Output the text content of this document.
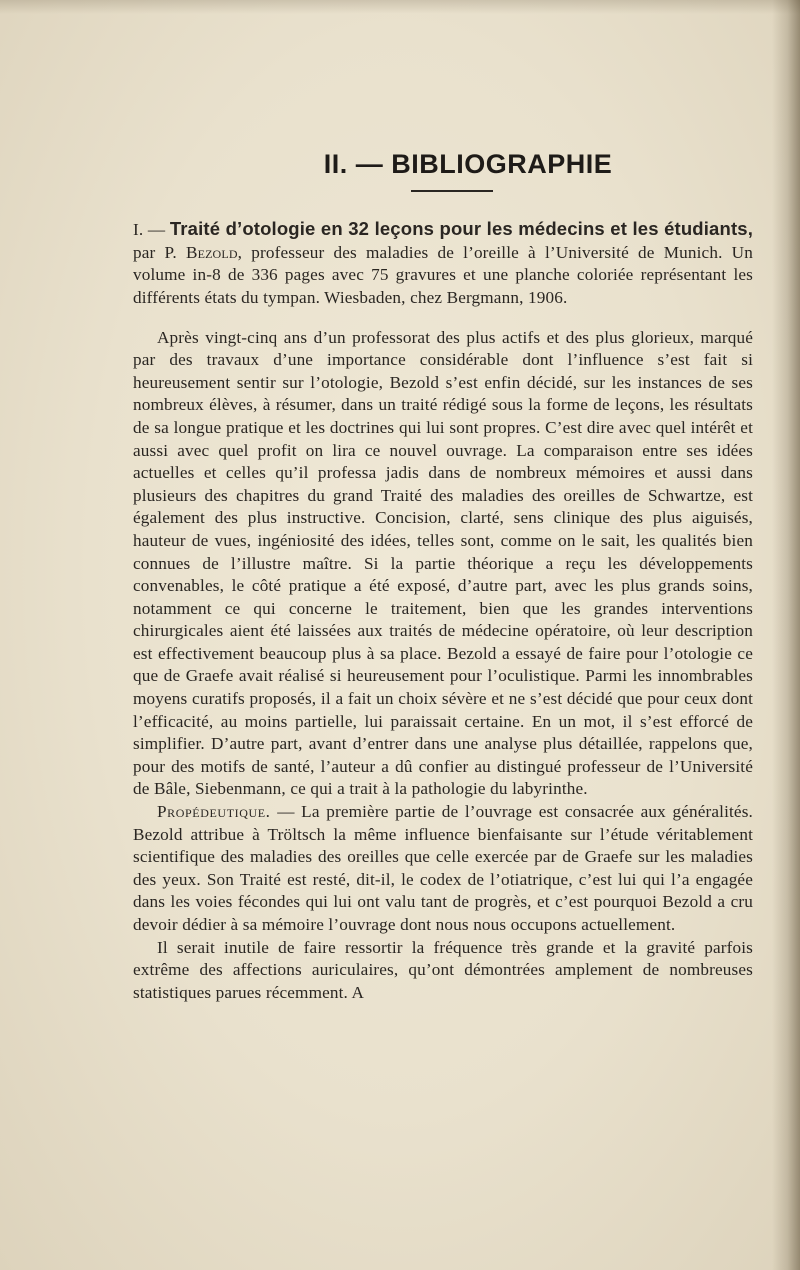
II. — BIBLIOGRAPHIE

I. — Traité d’otologie en 32 leçons pour les médecins et les étudiants, par P. Bezold, professeur des maladies de l’oreille à l’Université de Munich. Un volume in-8 de 336 pages avec 75 gravures et une planche coloriée représentant les différents états du tympan. Wiesbaden, chez Bergmann, 1906.

Après vingt-cinq ans d’un professorat des plus actifs et des plus glorieux, marqué par des travaux d’une importance considérable dont l’influence s’est fait si heureusement sentir sur l’otologie, Bezold s’est enfin décidé, sur les instances de ses nombreux élèves, à résumer, dans un traité rédigé sous la forme de leçons, les résultats de sa longue pratique et les doctrines qui lui sont propres. C’est dire avec quel intérêt et aussi avec quel profit on lira ce nouvel ouvrage. La comparaison entre ses idées actuelles et celles qu’il professa jadis dans de nombreux mémoires et aussi dans plusieurs des chapitres du grand Traité des maladies des oreilles de Schwartze, est également des plus instructive. Concision, clarté, sens clinique des plus aiguisés, hauteur de vues, ingéniosité des idées, telles sont, comme on le sait, les qualités bien connues de l’illustre maître. Si la partie théorique a reçu les développements convenables, le côté pratique a été exposé, d’autre part, avec les plus grands soins, notamment ce qui concerne le traitement, bien que les grandes interventions chirurgicales aient été laissées aux traités de médecine opératoire, où leur description est effectivement beaucoup plus à sa place. Bezold a essayé de faire pour l’otologie ce que de Graefe avait réalisé si heureusement pour l’oculistique. Parmi les innombrables moyens curatifs proposés, il a fait un choix sévère et ne s’est décidé que pour ceux dont l’efficacité, au moins partielle, lui paraissait certaine. En un mot, il s’est efforcé de simplifier. D’autre part, avant d’entrer dans une analyse plus détaillée, rappelons que, pour des motifs de santé, l’auteur a dû confier au distingué professeur de l’Université de Bâle, Siebenmann, ce qui a trait à la pathologie du labyrinthe.

Propédeutique. — La première partie de l’ouvrage est consacrée aux généralités. Bezold attribue à Tröltsch la même influence bienfaisante sur l’étude véritablement scientifique des maladies des oreilles que celle exercée par de Graefe sur les maladies des yeux. Son Traité est resté, dit-il, le codex de l’otiatrique, c’est lui qui l’a engagée dans les voies fécondes qui lui ont valu tant de progrès, et c’est pourquoi Bezold a cru devoir dédier à sa mémoire l’ouvrage dont nous nous occupons actuellement.

Il serait inutile de faire ressortir la fréquence très grande et la gravité parfois extrême des affections auriculaires, qu’ont démontrées amplement de nombreuses statistiques parues récemment. A
